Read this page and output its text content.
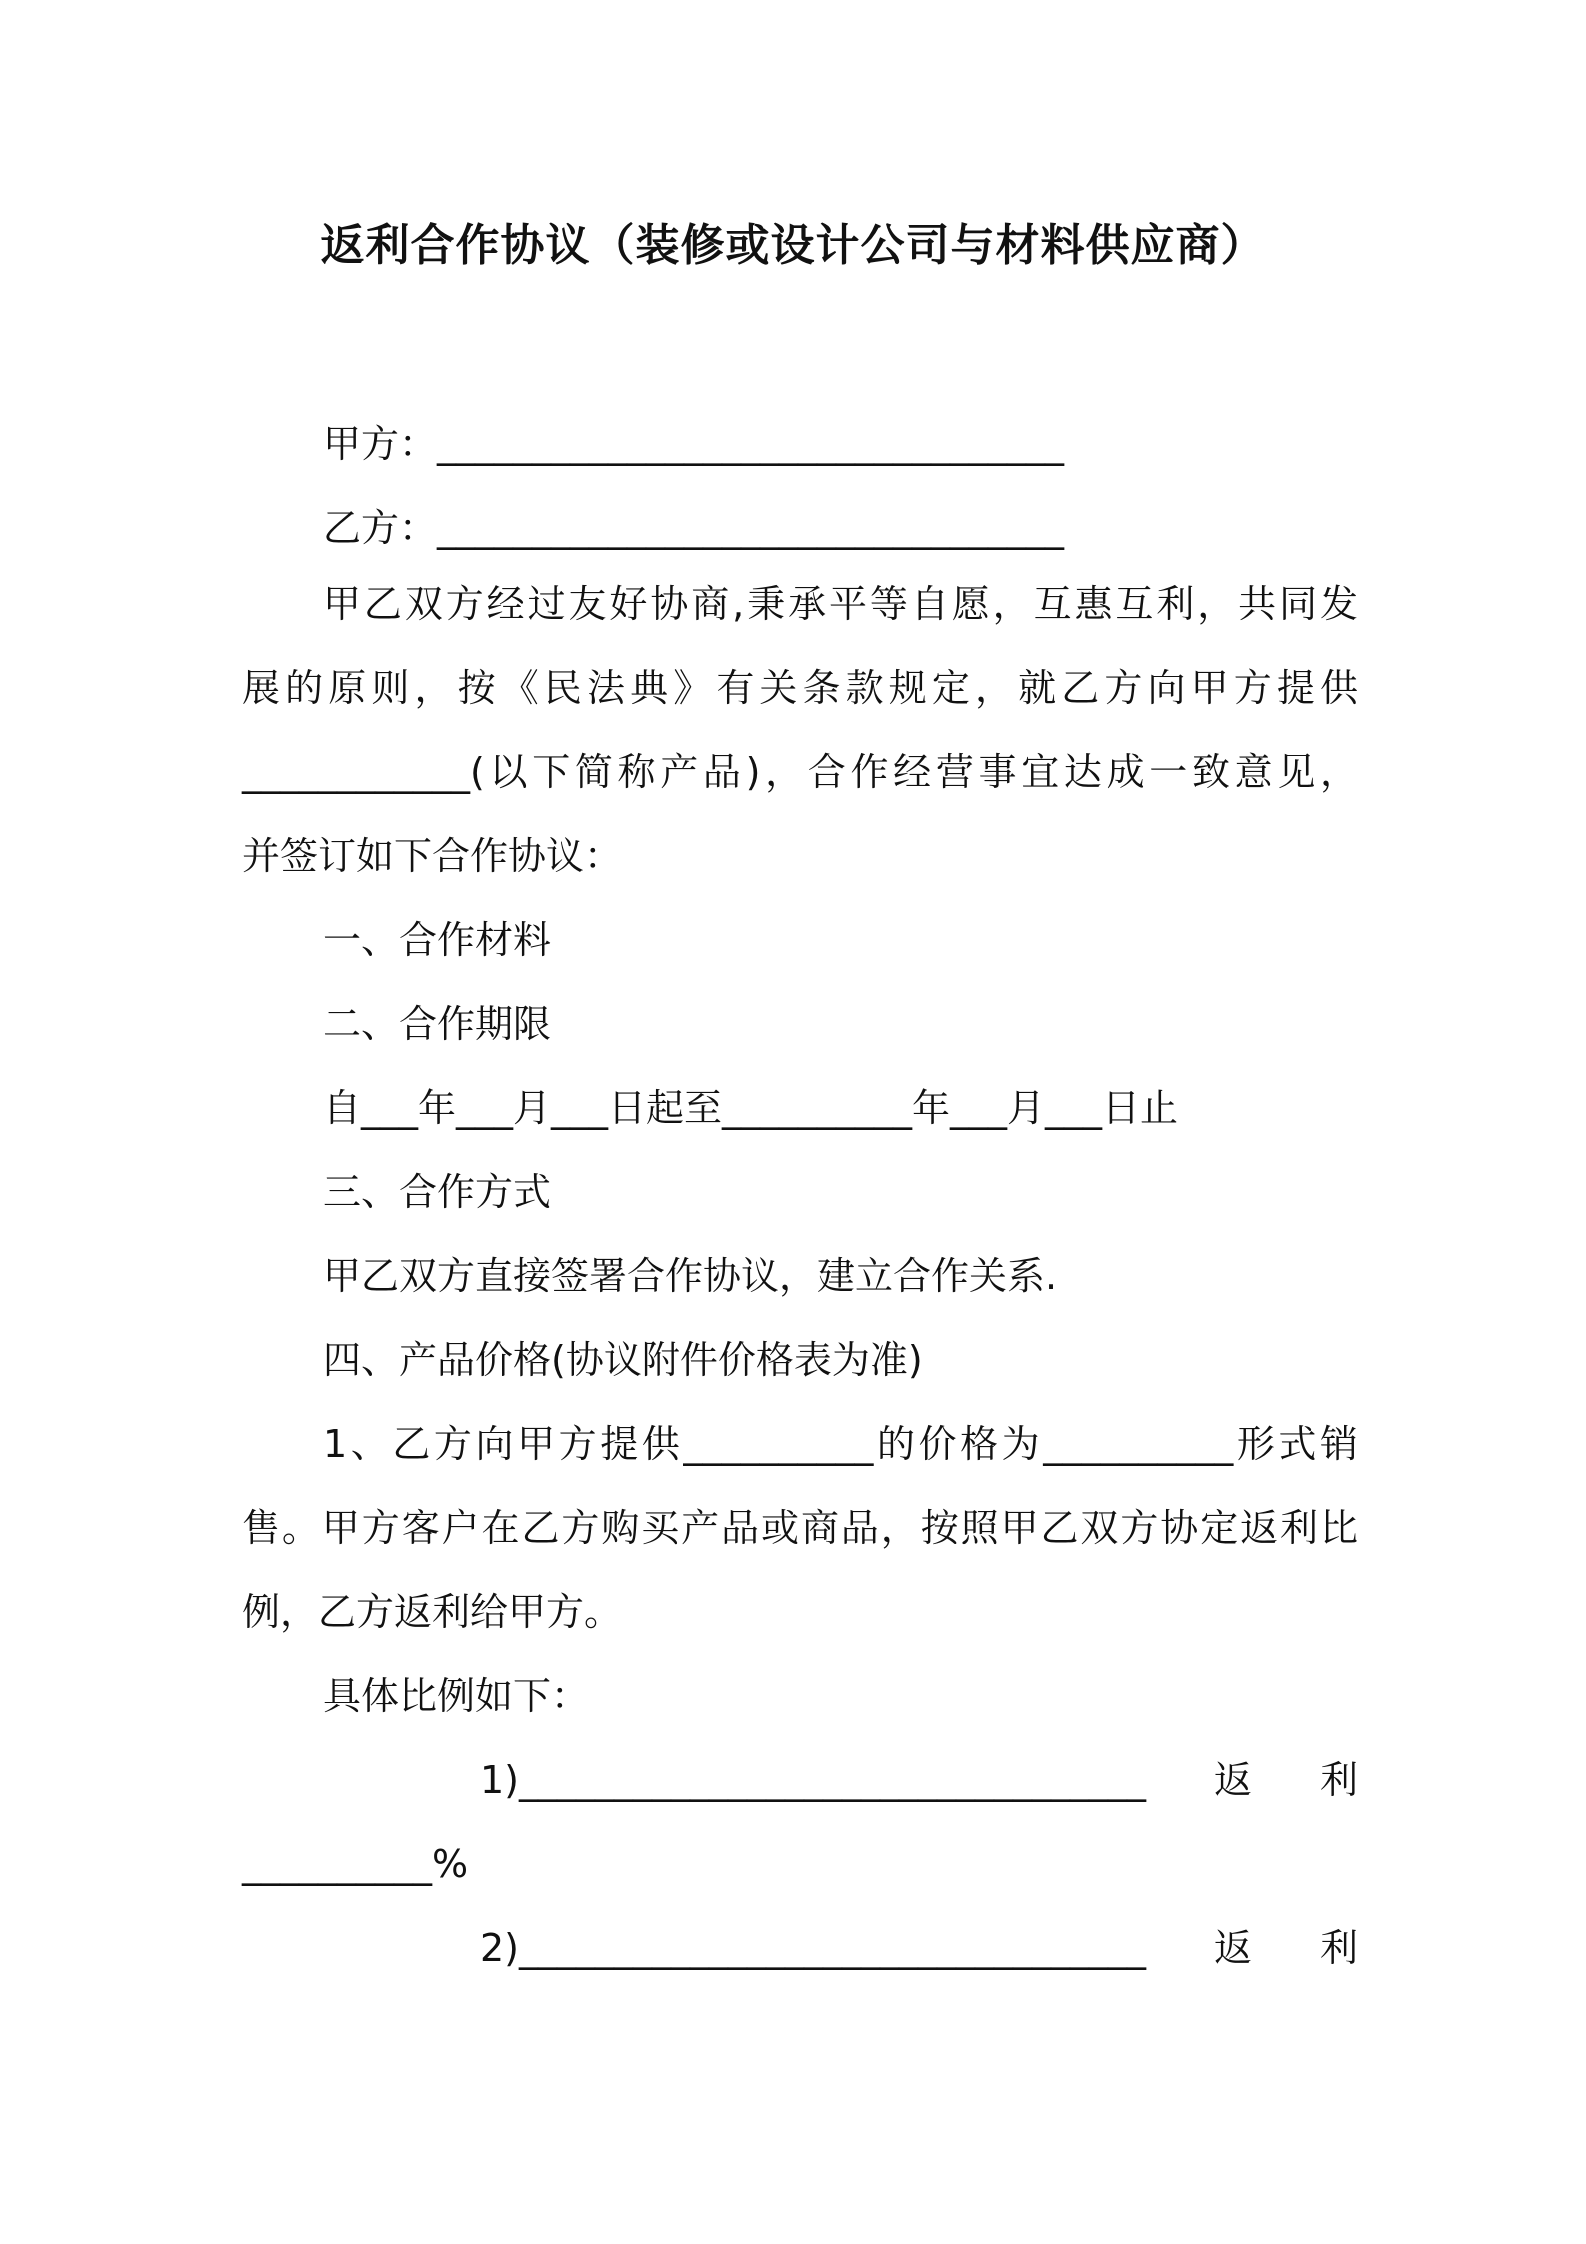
返利合作协议（装修或设计公司与材料供应商）
甲方：_________________________________
乙方：_________________________________
甲乙双方经过友好协商,秉承平等自愿，互惠互利，共同发
展的原则，按《民法典》有关条款规定，就乙方向甲方提供
____________(以下简称产品)，合作经营事宜达成一致意见，
并签订如下合作协议：
一、合作材料
二、合作期限
自___年___月___日起至__________年___月___日止
三、合作方式
甲乙双方直接签署合作协议，建立合作关系.
四、产品价格(协议附件价格表为准)
1、乙方向甲方提供__________的价格为__________形式销
售。甲方客户在乙方购买产品或商品，按照甲乙双方协定返利比
例，乙方返利给甲方。
具体比例如下：
1)_________________________________ 返 利
__________%
2)_________________________________ 返 利
